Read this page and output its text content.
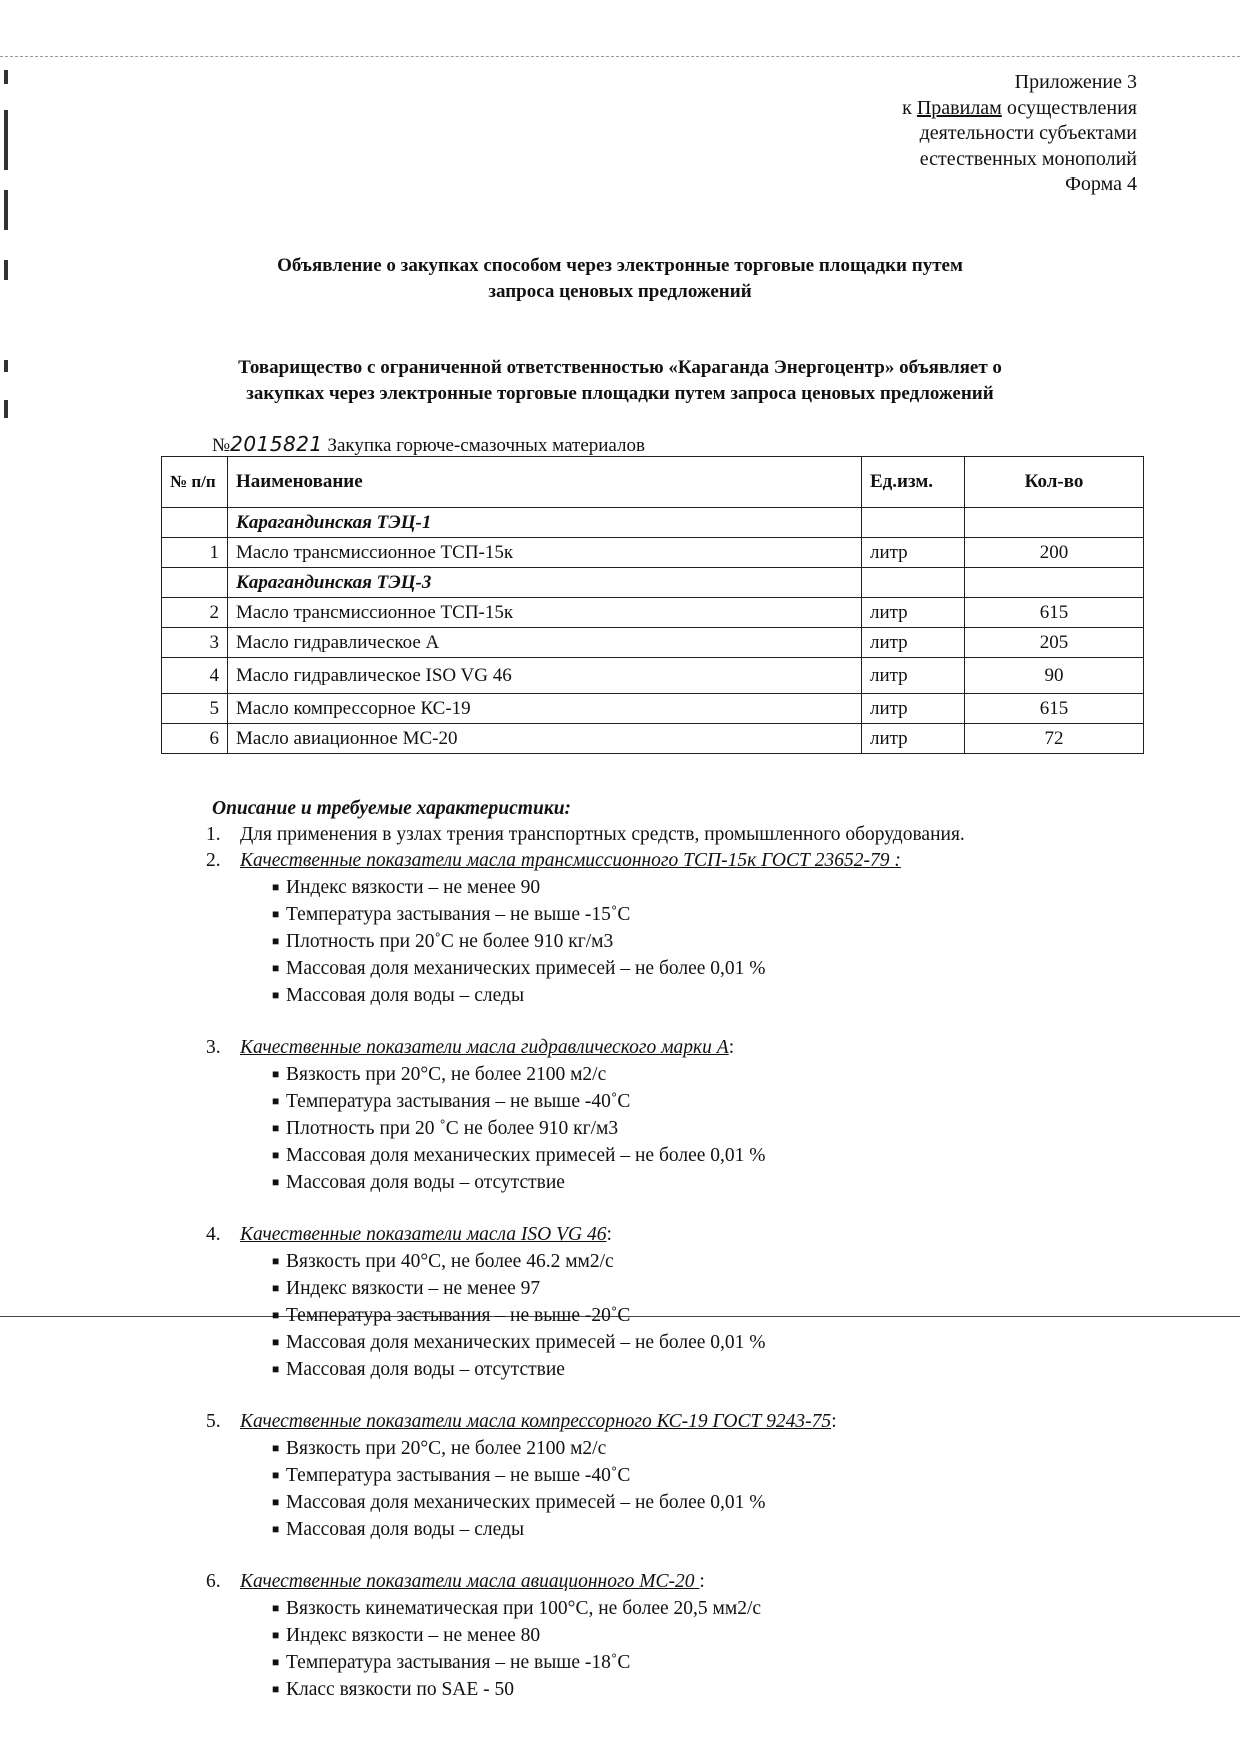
Приложение 3
к Правилам осуществления
деятельности субъектами
естественных монополий
Форма 4
Объявление о закупках способом через электронные торговые площадки путем
запроса ценовых предложений
Товарищество с ограниченной ответственностью «Караганда Энергоцентр» объявляет о
закупках через электронные торговые площадки путем запроса ценовых предложений
№2015821 Закупка горюче-смазочных материалов
№ п/п	Наименование	Ед.изм.	Кол-во
	Карагандинская ТЭЦ-1		
1	Масло трансмиссионное ТСП-15к	литр	200
	Карагандинская ТЭЦ-3		
2	Масло трансмиссионное ТСП-15к	литр	615
3	Масло гидравлическое А	литр	205
4	Масло гидравлическое ISO VG 46	литр	90
5	Масло компрессорное КС-19	литр	615
6	Масло авиационное МС-20	литр	72
Описание и требуемые характеристики:
1. Для применения в узлах трения транспортных средств, промышленного оборудования.
2. Качественные показатели масла трансмиссионного ТСП-15к ГОСТ 23652-79 :
■ Индекс вязкости – не менее 90
■ Температура застывания – не выше -15˚С
■ Плотность при 20˚С не более 910 кг/м3
■ Массовая доля механических примесей – не более 0,01 %
■ Массовая доля воды – следы
3. Качественные показатели масла гидравлического марки А:
■ Вязкость при 20°С, не более 2100 м2/с
■ Температура застывания – не выше -40˚С
■ Плотность при 20 ˚С не более 910 кг/м3
■ Массовая доля механических примесей – не более 0,01 %
■ Массовая доля воды – отсутствие
4. Качественные показатели масла ISO VG 46:
■ Вязкость при 40°С, не более 46.2 мм2/с
■ Индекс вязкости – не менее 97
■ Температура застывания – не выше -20˚С
■ Массовая доля механических примесей – не более 0,01 %
■ Массовая доля воды – отсутствие
5. Качественные показатели масла компрессорного КС-19 ГОСТ 9243-75:
■ Вязкость при 20°С, не более 2100 м2/с
■ Температура застывания – не выше -40˚С
■ Массовая доля механических примесей – не более 0,01 %
■ Массовая доля воды – следы
6. Качественные показатели масла авиационного МС-20 :
■ Вязкость кинематическая при 100°С, не более 20,5 мм2/с
■ Индекс вязкости – не менее 80
■ Температура застывания – не выше -18˚С
■ Класс вязкости по SAE - 50
